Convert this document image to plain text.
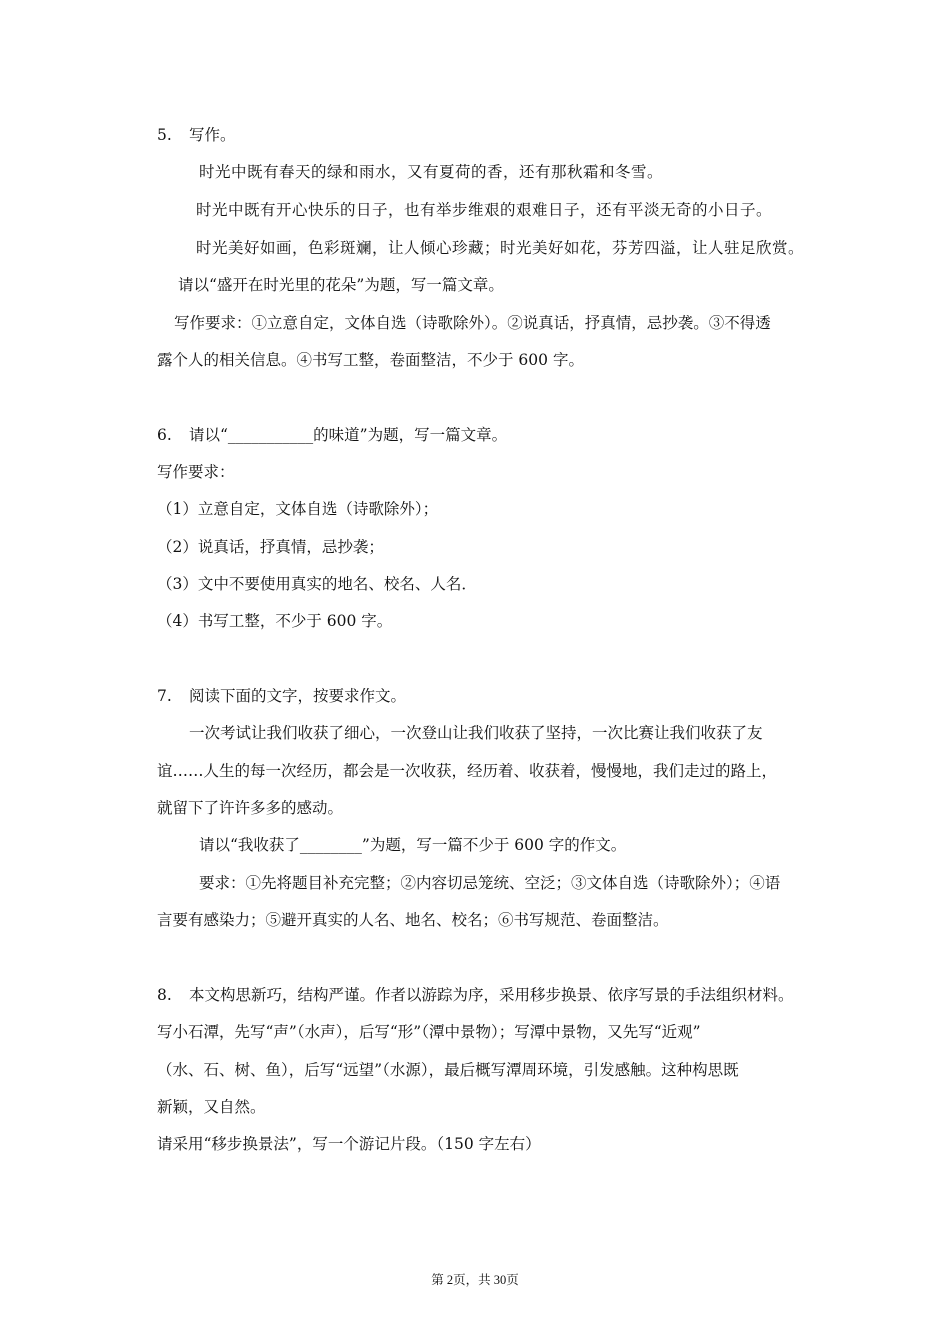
5. 写作。
时光中既有春天的绿和雨水，又有夏荷的香，还有那秋霜和冬雪。
时光中既有开心快乐的日子，也有举步维艰的艰难日子，还有平淡无奇的小日子。
时光美好如画，色彩斑斓，让人倾心珍藏；时光美好如花，芬芳四溢，让人驻足欣赏。
请以“盛开在时光里的花朵”为题，写一篇文章。
写作要求：①立意自定，文体自选（诗歌除外）。②说真话，抒真情，忌抄袭。③不得透
露个人的相关信息。④书写工整，卷面整洁，不少于 600 字。
6. 请以“___________的味道”为题，写一篇文章。
写作要求：
（1）立意自定，文体自选（诗歌除外）；
（2）说真话，抒真情，忌抄袭；
（3）文中不要使用真实的地名、校名、人名．
（4）书写工整，不少于 600 字。
7. 阅读下面的文字，按要求作文。
一次考试让我们收获了细心，一次登山让我们收获了坚持，一次比赛让我们收获了友
谊……人生的每一次经历，都会是一次收获，经历着、收获着，慢慢地，我们走过的路上，
就留下了许许多多的感动。
请以“我收获了________”为题，写一篇不少于 600 字的作文。
要求：①先将题目补充完整；②内容切忌笼统、空泛；③文体自选（诗歌除外）；④语
言要有感染力；⑤避开真实的人名、地名、校名；⑥书写规范、卷面整洁。
8. 本文构思新巧，结构严谨。作者以游踪为序，采用移步换景、依序写景的手法组织材料。
写小石潭，先写“声”（水声），后写“形”（潭中景物）；写潭中景物，又先写“近观”
（水、石、树、鱼），后写“远望”（水源），最后概写潭周环境，引发感触。这种构思既
新颖，又自然。
请采用“移步换景法”，写一个游记片段。（150 字左右）
第 2页，共 30页
